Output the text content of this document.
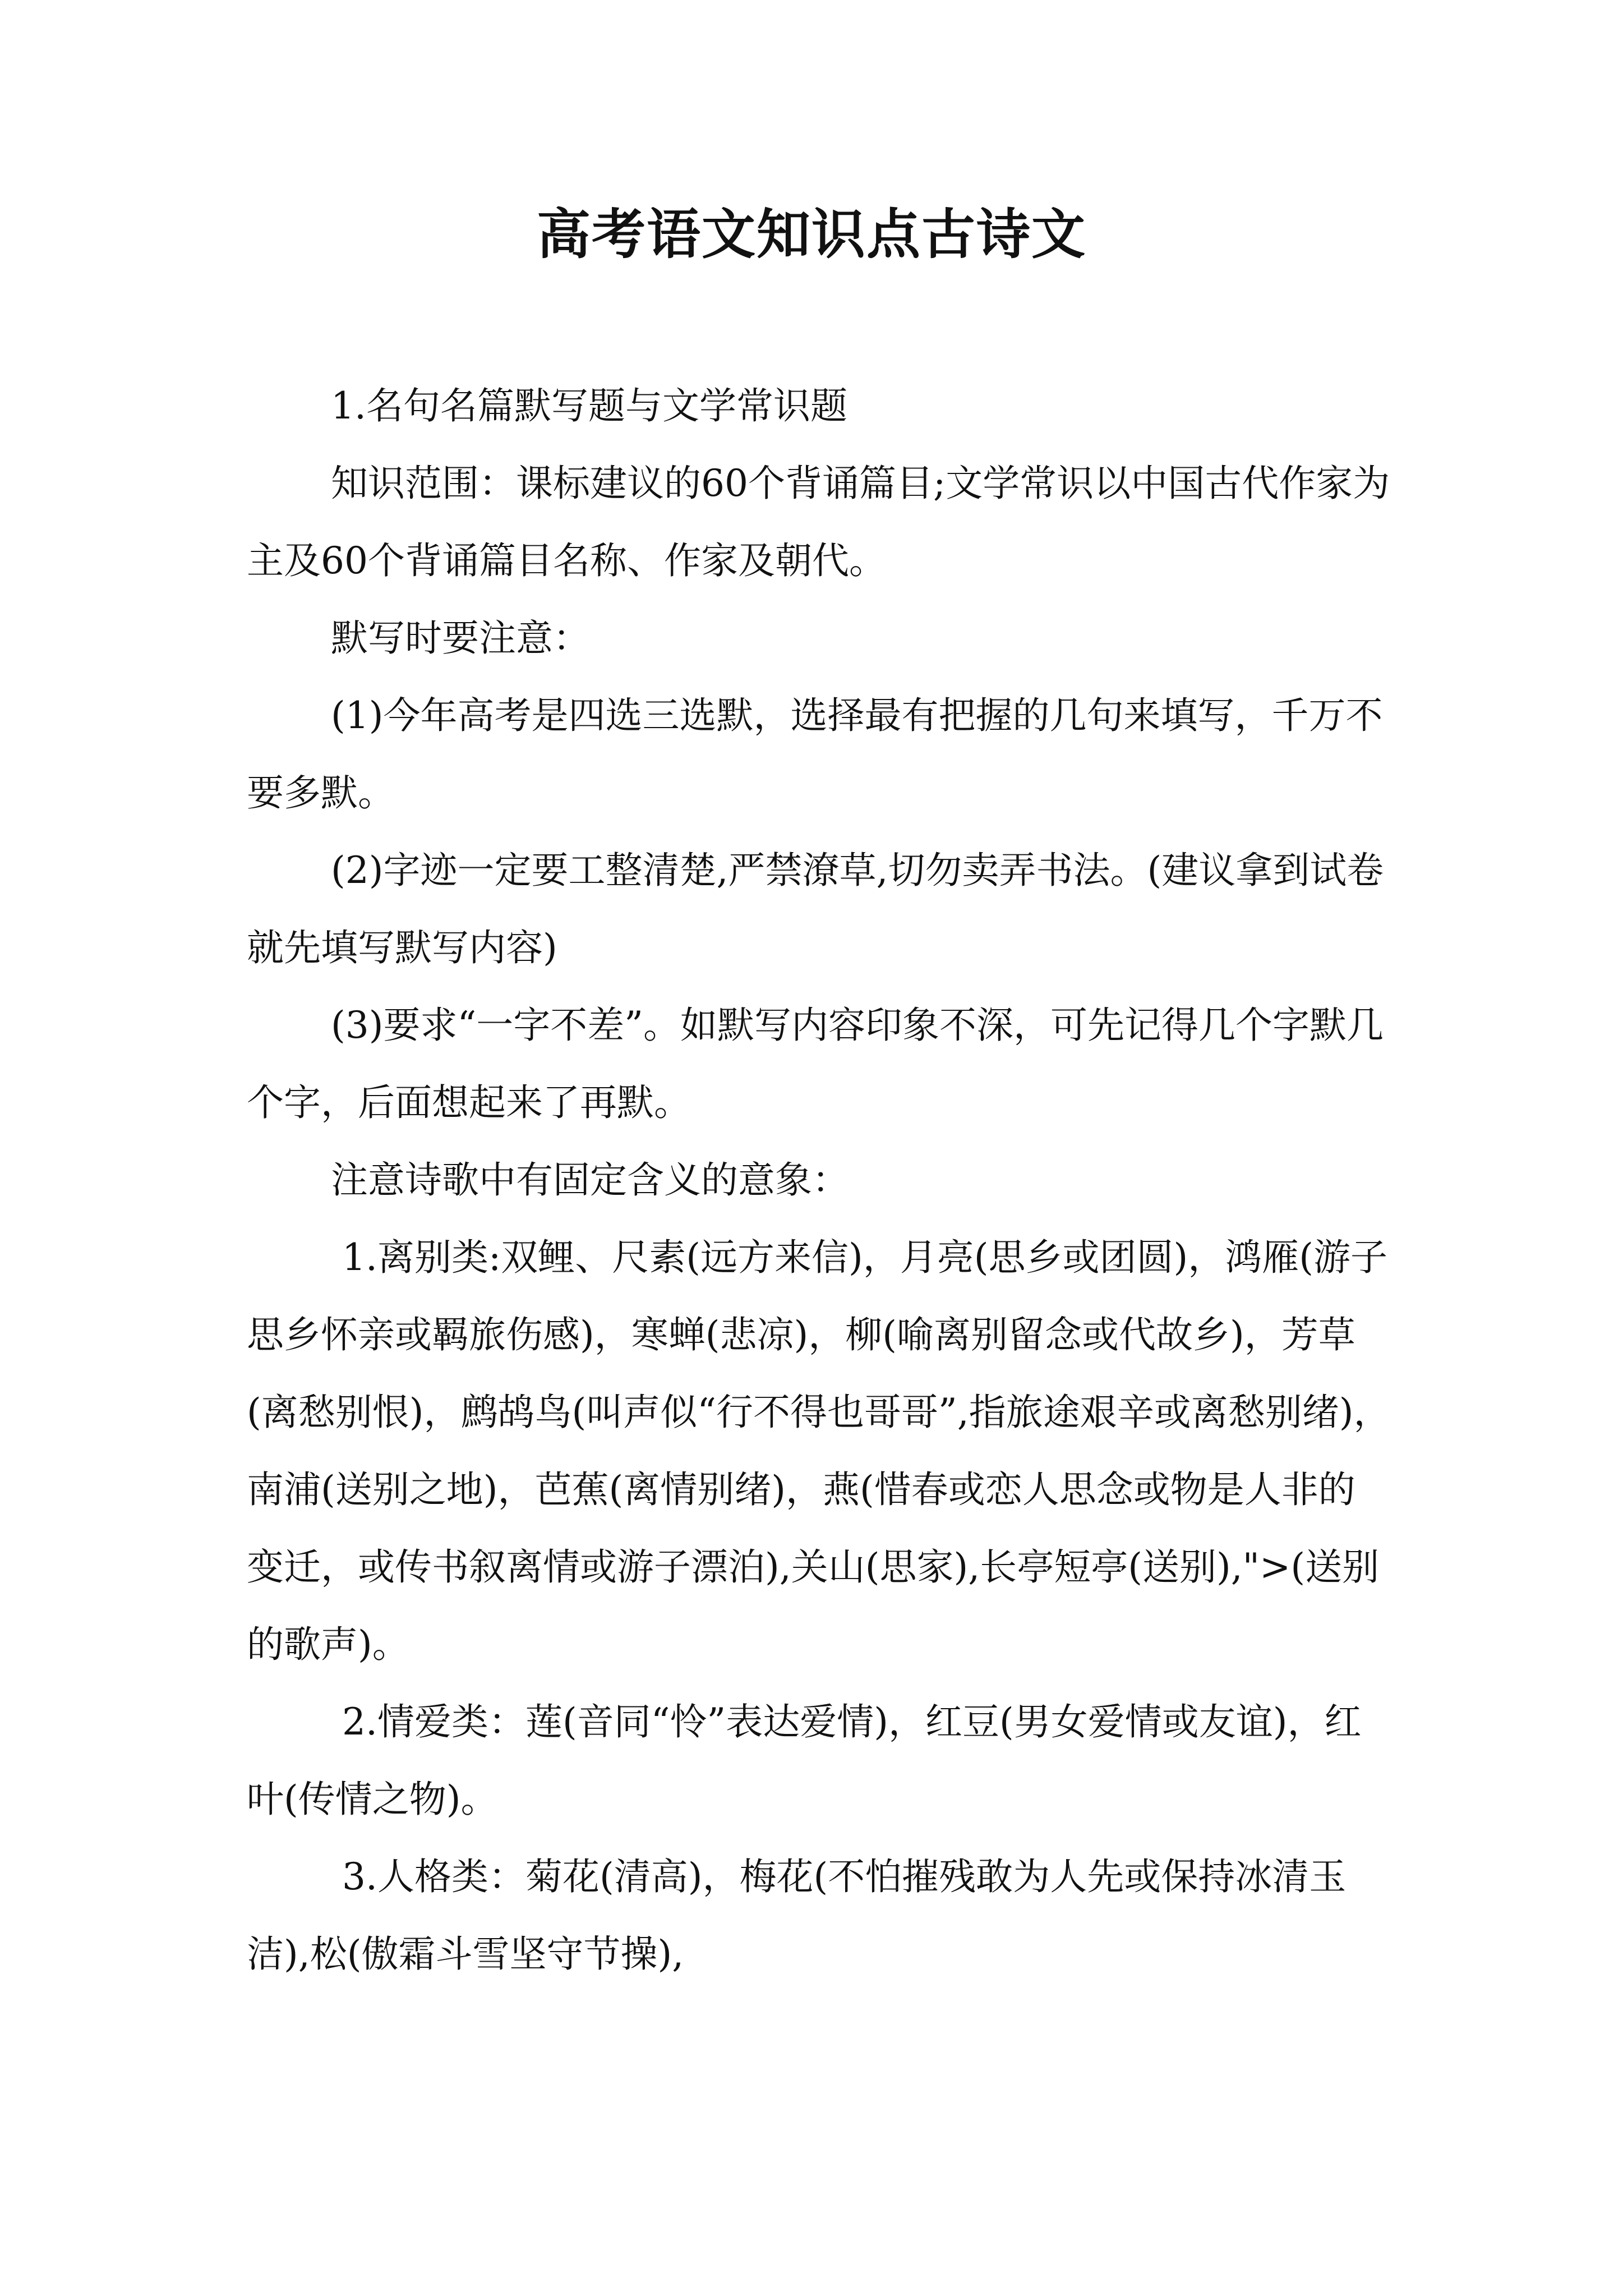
高考语文知识点古诗文

1.名句名篇默写题与文学常识题

知识范围：课标建议的60个背诵篇目;文学常识以中国古代作家为主及60个背诵篇目名称、作家及朝代。

默写时要注意：

(1)今年高考是四选三选默，选择最有把握的几句来填写，千万不要多默。

(2)字迹一定要工整清楚,严禁潦草,切勿卖弄书法。(建议拿到试卷就先填写默写内容)

(3)要求“一字不差”。如默写内容印象不深，可先记得几个字默几个字，后面想起来了再默。

注意诗歌中有固定含义的意象：

1.离别类:双鲤、尺素(远方来信)，月亮(思乡或团圆)，鸿雁(游子思乡怀亲或羁旅伤感)，寒蝉(悲凉)，柳(喻离别留念或代故乡)，芳草(离愁别恨)，鹧鸪鸟(叫声似“行不得也哥哥”,指旅途艰辛或离愁别绪)，南浦(送别之地)，芭蕉(离情别绪)，燕(惜春或恋人思念或物是人非的变迁，或传书叙离情或游子漂泊),关山(思家),长亭短亭(送别),">(送别的歌声)。

2.情爱类：莲(音同“怜”表达爱情)，红豆(男女爱情或友谊)，红叶(传情之物)。

3.人格类：菊花(清高)，梅花(不怕摧残敢为人先或保持冰清玉洁),松(傲霜斗雪坚守节操),
